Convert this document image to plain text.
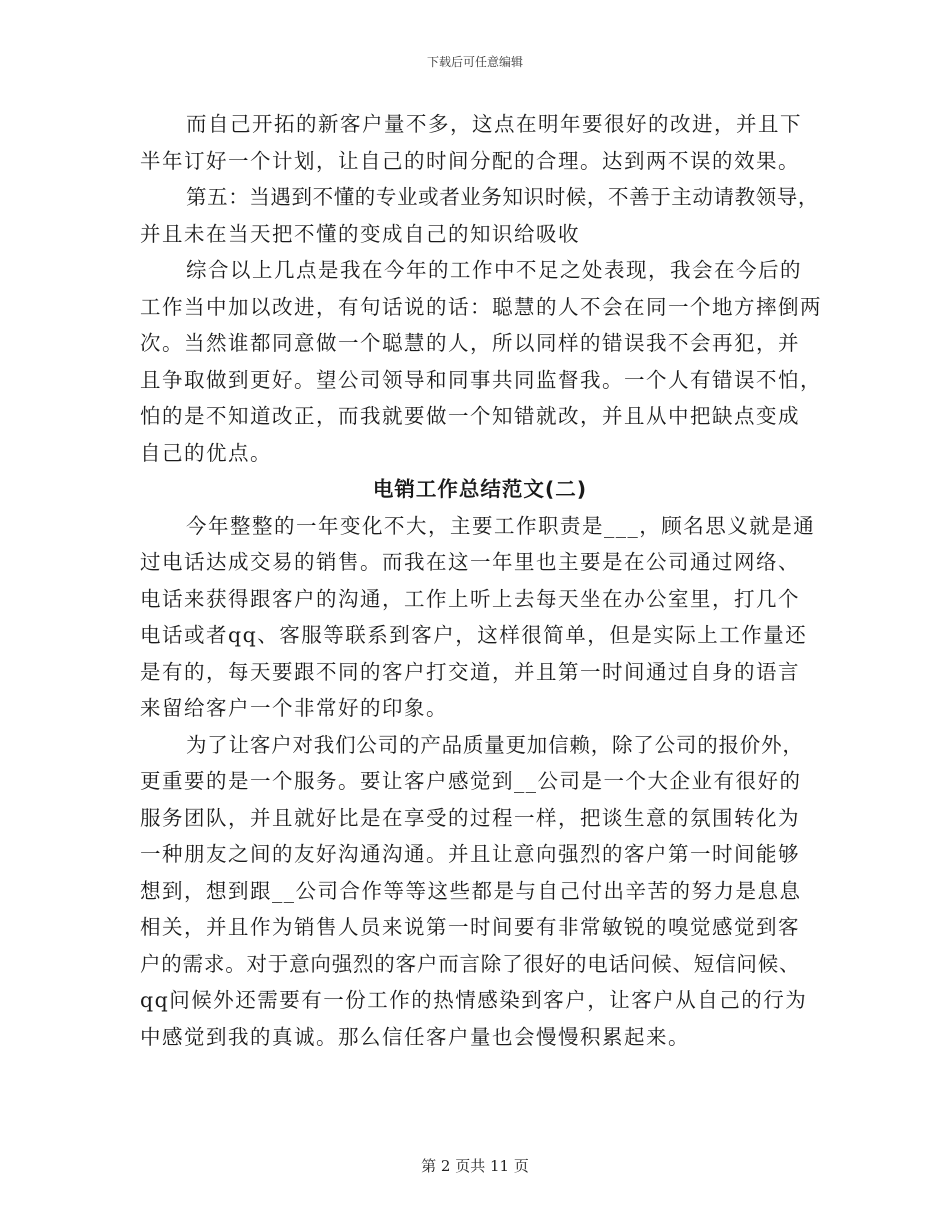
下载后可任意编辑
而自己开拓的新客户量不多，这点在明年要很好的改进，并且下
半年订好一个计划，让自己的时间分配的合理。达到两不误的效果。
第五：当遇到不懂的专业或者业务知识时候，不善于主动请教领导，
并且未在当天把不懂的变成自己的知识给吸收
综合以上几点是我在今年的工作中不足之处表现，我会在今后的
工作当中加以改进，有句话说的话：聪慧的人不会在同一个地方摔倒两
次。当然谁都同意做一个聪慧的人，所以同样的错误我不会再犯，并
且争取做到更好。望公司领导和同事共同监督我。一个人有错误不怕，
怕的是不知道改正，而我就要做一个知错就改，并且从中把缺点变成
自己的优点。
电销工作总结范文(二)
今年整整的一年变化不大，主要工作职责是___，顾名思义就是通
过电话达成交易的销售。而我在这一年里也主要是在公司通过网络、
电话来获得跟客户的沟通，工作上听上去每天坐在办公室里，打几个
电话或者qq、客服等联系到客户，这样很简单，但是实际上工作量还
是有的，每天要跟不同的客户打交道，并且第一时间通过自身的语言
来留给客户一个非常好的印象。
为了让客户对我们公司的产品质量更加信赖，除了公司的报价外，
更重要的是一个服务。要让客户感觉到__公司是一个大企业有很好的
服务团队，并且就好比是在享受的过程一样，把谈生意的氛围转化为
一种朋友之间的友好沟通沟通。并且让意向强烈的客户第一时间能够
想到，想到跟__公司合作等等这些都是与自己付出辛苦的努力是息息
相关，并且作为销售人员来说第一时间要有非常敏锐的嗅觉感觉到客
户的需求。对于意向强烈的客户而言除了很好的电话问候、短信问候、
qq问候外还需要有一份工作的热情感染到客户，让客户从自己的行为
中感觉到我的真诚。那么信任客户量也会慢慢积累起来。
第 2 页共 11 页
